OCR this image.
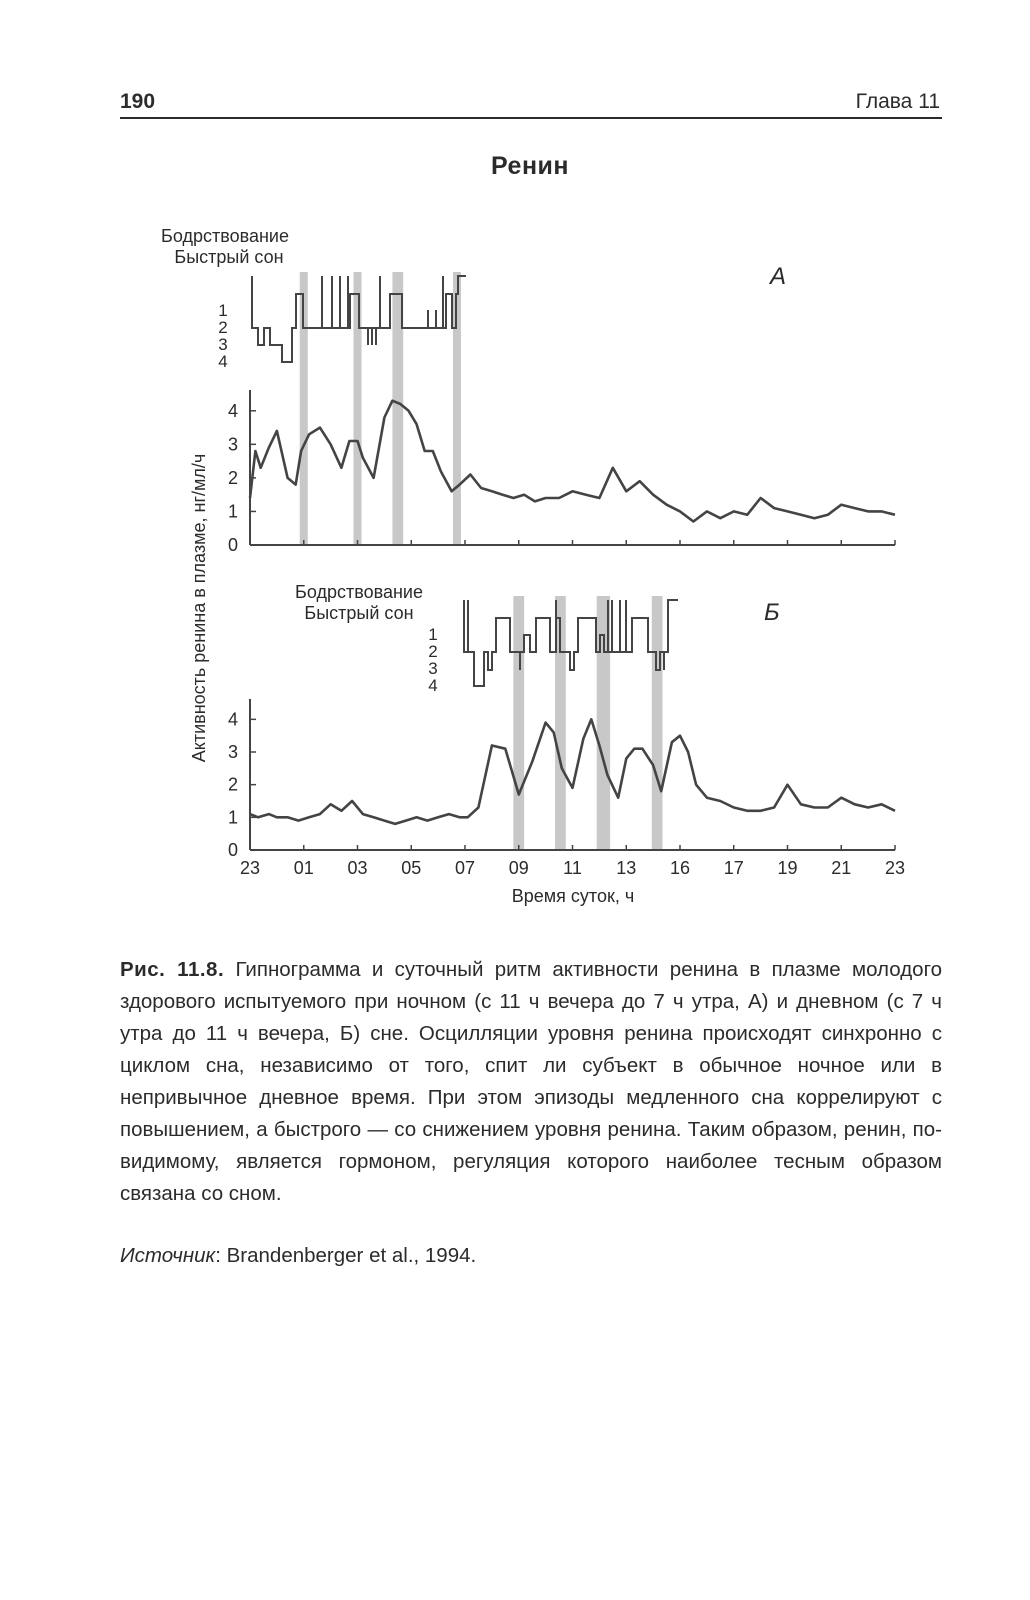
190	Глава 11
Ренин
Активность ренина в плазме, нг/мл/ч
А
Бодрствование
Быстрый сон
1
2
3
4
0
1
2
3
4
Б
Бодрствование
Быстрый сон
1
2
3
4
0
1
2
3
4
23 01 03 05 07 09 11 13 16 17 19 21 23
Время суток, ч
Рис. 11.8. Гипнограмма и суточный ритм активности ренина в плазме молодого здорового испытуемого при ночном (с 11 ч вечера до 7 ч утра, А) и дневном (с 7 ч утра до 11 ч вечера, Б) сне. Осцилляции уровня ренина происходят синхронно с циклом сна, независимо от того, спит ли субъект в обычное ночное или в непривычное дневное время. При этом эпизоды медленного сна коррелируют с повышением, а быстрого — со снижением уровня ренина. Таким образом, ренин, по-видимому, является гормоном, регуляция которого наиболее тесным образом связана со сном.
Источник: Brandenberger et al., 1994.
